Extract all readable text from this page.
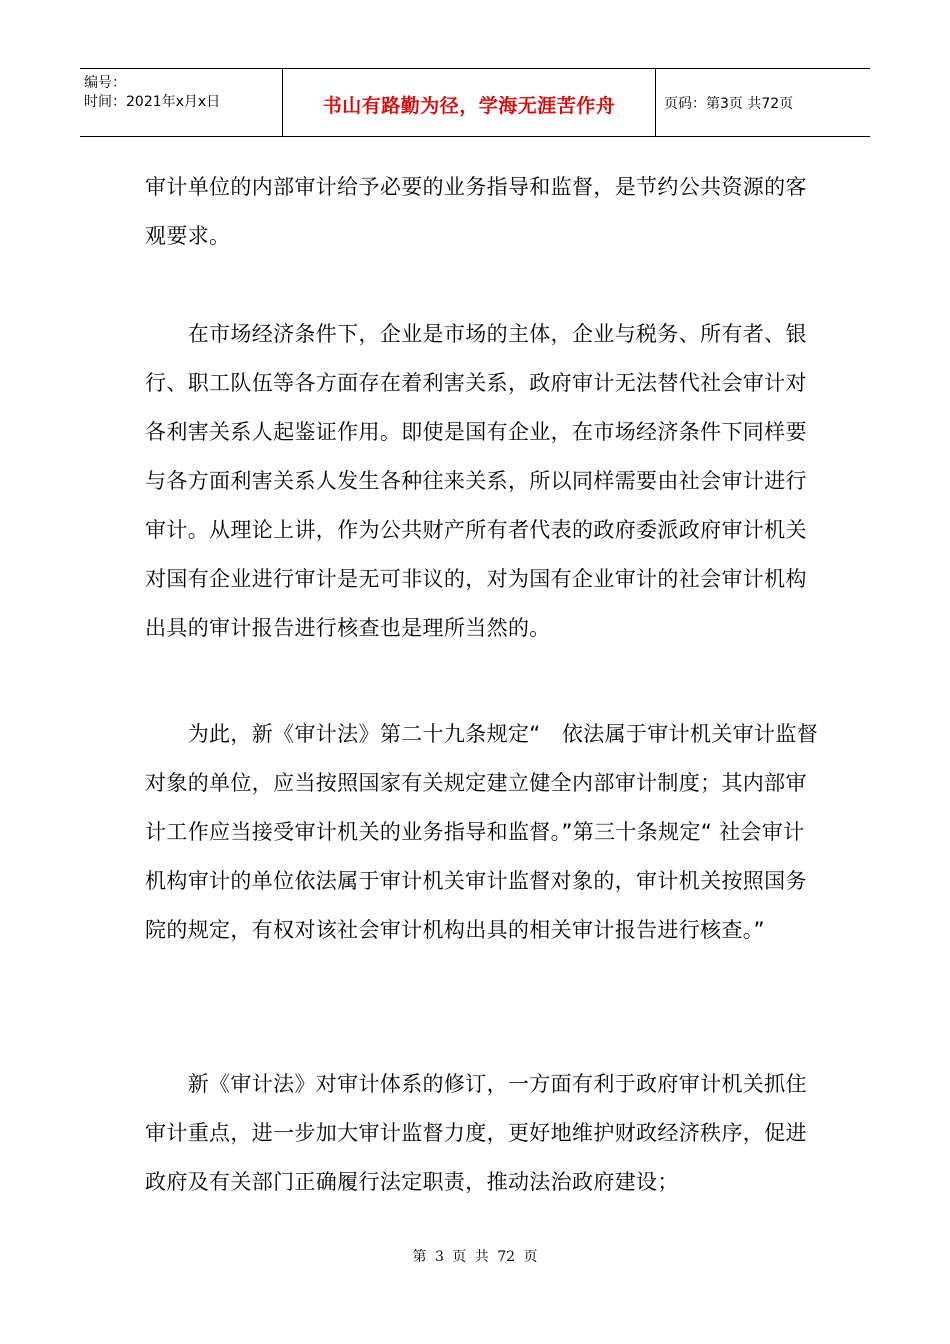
编号：
时间：2021年x月x日	书山有路勤为径，学海无涯苦作舟	页码：第3页 共72页

审计单位的内部审计给予必要的业务指导和监督，是节约公共资源的客观要求。

　　在市场经济条件下，企业是市场的主体，企业与税务、所有者、银行、职工队伍等各方面存在着利害关系，政府审计无法替代社会审计对各利害关系人起鉴证作用。即使是国有企业，在市场经济条件下同样要与各方面利害关系人发生各种往来关系，所以同样需要由社会审计进行审计。从理论上讲，作为公共财产所有者代表的政府委派政府审计机关对国有企业进行审计是无可非议的，对为国有企业审计的社会审计机构出具的审计报告进行核查也是理所当然的。

　　为此，新《审计法》第二十九条规定“　依法属于审计机关审计监督对象的单位，应当按照国家有关规定建立健全内部审计制度；其内部审计工作应当接受审计机关的业务指导和监督。”第三十条规定“ 社会审计机构审计的单位依法属于审计机关审计监督对象的，审计机关按照国务院的规定，有权对该社会审计机构出具的相关审计报告进行核查。”

　　新《审计法》对审计体系的修订，一方面有利于政府审计机关抓住审计重点，进一步加大审计监督力度，更好地维护财政经济秩序，促进政府及有关部门正确履行法定职责，推动法治政府建设；

第 3 页 共 72 页
